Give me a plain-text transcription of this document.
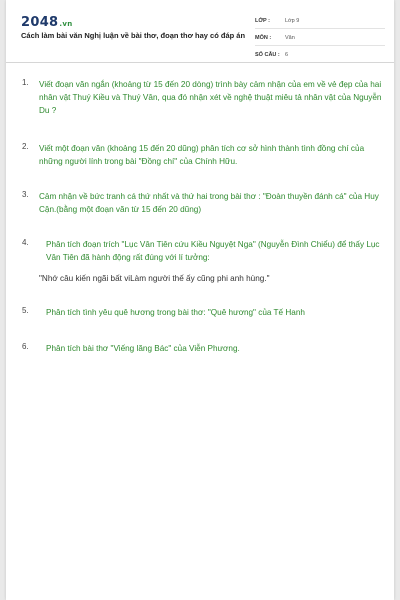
2048.vn
Cách làm bài văn Nghị luận về bài thơ, đoạn thơ hay có đáp án
LỚP :	Lớp 9
MÔN :	Văn
SỐ CÂU : 6
1. Viết đoạn văn ngắn (khoảng từ 15 đến 20 dòng) trình bày cảm nhận của em về vẻ đẹp của hai nhân vật Thuý Kiều và Thuý Vân, qua đó nhận xét về nghệ thuật miêu tả nhân vật của Nguyễn Du ?
2. Viết một đoạn văn (khoảng 15 đến 20 dũng) phân tích cơ sở hình thành tình đồng chí của những người lính trong bài "Đồng chí" của Chính Hữu.
3. Cảm nhận về bức tranh cá thứ nhất và thứ hai trong bài thơ : "Đoàn thuyền đánh cá" của Huy Cận.(bằng một đoạn văn từ 15 đến 20 dũng)
4. Phân tích đoạn trích "Lục Vân Tiên cứu Kiều Nguyệt Nga" (Nguyễn Đình Chiểu) để thấy Lục Vân Tiên đã hành động rất đúng với lí tưởng:
"Nhớ câu kiến ngãi bất viLàm người thế ấy cũng phi anh hùng."
5. Phân tích tình yêu quê hương trong bài thơ: "Quê hương" của Tế Hanh
6. Phân tích bài thơ "Viếng lăng Bác" của Viễn Phương.
